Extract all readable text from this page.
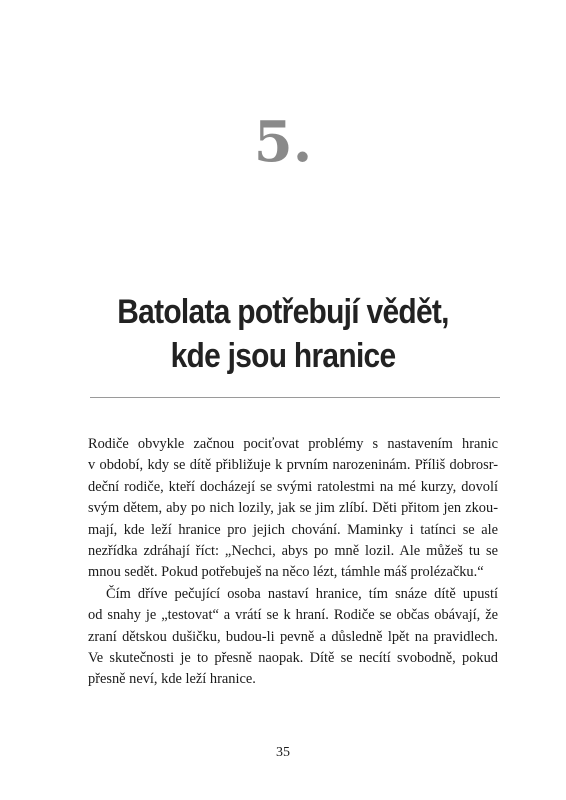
5.
Batolata potřebují vědět,
kde jsou hranice
Rodiče obvykle začnou pociťovat problémy s nastavením hranic
v období, kdy se dítě přibližuje k prvním narozeninám. Příliš dobrosr-
deční rodiče, kteří docházejí se svými ratolestmi na mé kurzy, dovolí
svým dětem, aby po nich lozily, jak se jim zlíbí. Děti přitom jen zkou-
mají, kde leží hranice pro jejich chování. Maminky i tatínci se ale
nezřídka zdráhají říct: „Nechci, abys po mně lozil. Ale můžeš tu se
mnou sedět. Pokud potřebuješ na něco lézt, támhle máš prolézačku.“
Čím dříve pečující osoba nastaví hranice, tím snáze dítě upustí
od snahy je „testovat“ a vrátí se k hraní. Rodiče se občas obávají, že
zraní dětskou dušičku, budou-li pevně a důsledně lpět na pravidlech.
Ve skutečnosti je to přesně naopak. Dítě se necítí svobodně, pokud
přesně neví, kde leží hranice.
35
